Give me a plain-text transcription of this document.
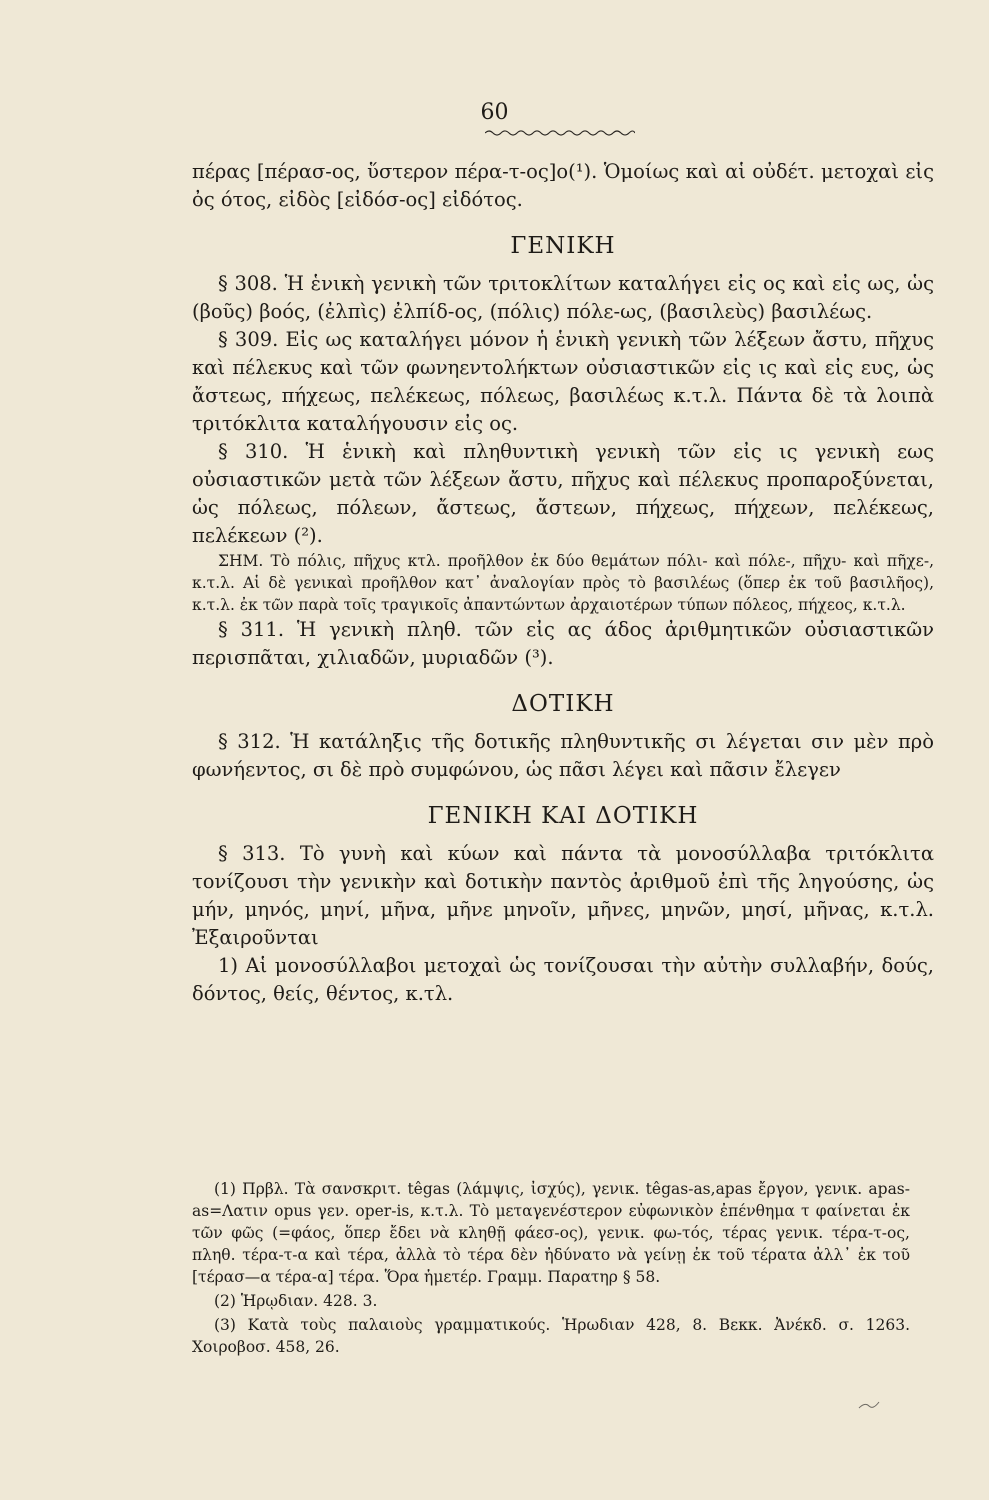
60

πέρας [πέρασ-ος, ὕστερον πέρα-τ-ος]ο(¹). Ὁμοίως καὶ αἱ οὐδέτ. μετοχαὶ εἰς ὀς ότος, εἰδὸς [εἰδόσ-ος] εἰδότος.

ΓΕΝΙΚΗ

§ 308. Ἡ ἑνικὴ γενικὴ τῶν τριτοκλίτων καταλήγει εἰς ος καὶ εἰς ως, ὡς (βοῦς) βοός, (ἐλπὶς) ἐλπίδ-ος, (πόλις) πόλε-ως, (βασιλεὺς) βασιλέως.

§ 309. Εἰς ως καταλήγει μόνον ἡ ἑνικὴ γενικὴ τῶν λέξεων ἄστυ, πῆχυς καὶ πέλεκυς καὶ τῶν φωνηεντολήκτων οὐσιαστικῶν εἰς ις καὶ εἰς ευς, ὡς ἄστεως, πήχεως, πελέκεως, πόλεως, βασιλέως κ.τ.λ. Πάντα δὲ τὰ λοιπὰ τριτόκλιτα καταλήγουσιν εἰς ος.

§ 310. Ἡ ἑνικὴ καὶ πληθυντικὴ γενικὴ τῶν εἰς ις γενικὴ εως οὐσιαστικῶν μετὰ τῶν λέξεων ἄστυ, πῆχυς καὶ πέλεκυς προπαροξύνεται, ὡς πόλεως, πόλεων, ἄστεως, ἄστεων, πήχεως, πήχεων, πελέκεως, πελέκεων (²).

ΣΗΜ. Τὸ πόλις, πῆχυς κτλ. προῆλθον ἐκ δύο θεμάτων πόλι- καὶ πόλε-, πῆχυ- καὶ πῆχε-, κ.τ.λ. Αἱ δὲ γενικαὶ προῆλθον κατ᾽ ἀναλογίαν πρὸς τὸ βασιλέως (ὅπερ ἐκ τοῦ βασιλῆος), κ.τ.λ. ἐκ τῶν παρὰ τοῖς τραγικοῖς ἀπαντώντων ἀρχαιοτέρων τύπων πόλεος, πήχεος, κ.τ.λ.

§ 311. Ἡ γενικὴ πληθ. τῶν εἰς ας άδος ἀριθμητικῶν οὐσιαστικῶν περισπᾶται, χιλιαδῶν, μυριαδῶν (³).

ΔΟΤΙΚΗ

§ 312. Ἡ κατάληξις τῆς δοτικῆς πληθυντικῆς σι λέγεται σιν μὲν πρὸ φωνήεντος, σι δὲ πρὸ συμφώνου, ὡς πᾶσι λέγει καὶ πᾶσιν ἔλεγεν

ΓΕΝΙΚΗ ΚΑΙ ΔΟΤΙΚΗ

§ 313. Τὸ γυνὴ καὶ κύων καὶ πάντα τὰ μονοσύλλαβα τριτόκλιτα τονίζουσι τὴν γενικὴν καὶ δοτικὴν παντὸς ἀριθμοῦ ἐπὶ τῆς ληγούσης, ὡς μήν, μηνός, μηνί, μῆνα, μῆνε μηνοῖν, μῆνες, μηνῶν, μησί, μῆνας, κ.τ.λ. Ἐξαιροῦνται

1) Αἱ μονοσύλλαβοι μετοχαὶ ὡς τονίζουσαι τὴν αὐτὴν συλλαβήν, δούς, δόντος, θείς, θέντος, κ.τλ.

(1) Πρβλ. Τὰ σανσκριτ. têgas (λάμψις, ἰσχύς), γενικ. têgas-as,apas ἔργον, γενικ. apas-as=Λατιν opus γεν. oper-is, κ.τ.λ. Τὸ μεταγενέστερον εὐφωνικὸν ἐπένθημα τ φαίνεται ἐκ τῶν φῶς (=φάος, ὅπερ ἔδει νὰ κληθῇ φάεσ-ος), γενικ. φω-τός, τέρας γενικ. τέρα-τ-ος, πληθ. τέρα-τ-α καὶ τέρα, ἀλλὰ τὸ τέρα δὲν ἠδύνατο νὰ γείνῃ ἐκ τοῦ τέρατα ἀλλ᾽ ἐκ τοῦ [τέρασ—α τέρα-α] τέρα. Ὅρα ἡμετέρ. Γραμμ. Παρατηρ § 58.

(2) Ἡρῳδιαν. 428. 3.

(3) Κατὰ τοὺς παλαιοὺς γραμματικούς. Ἡρωδιαν 428, 8. Βεκκ. Ἀνέκδ. σ. 1263. Χοιροβοσ. 458, 26.
